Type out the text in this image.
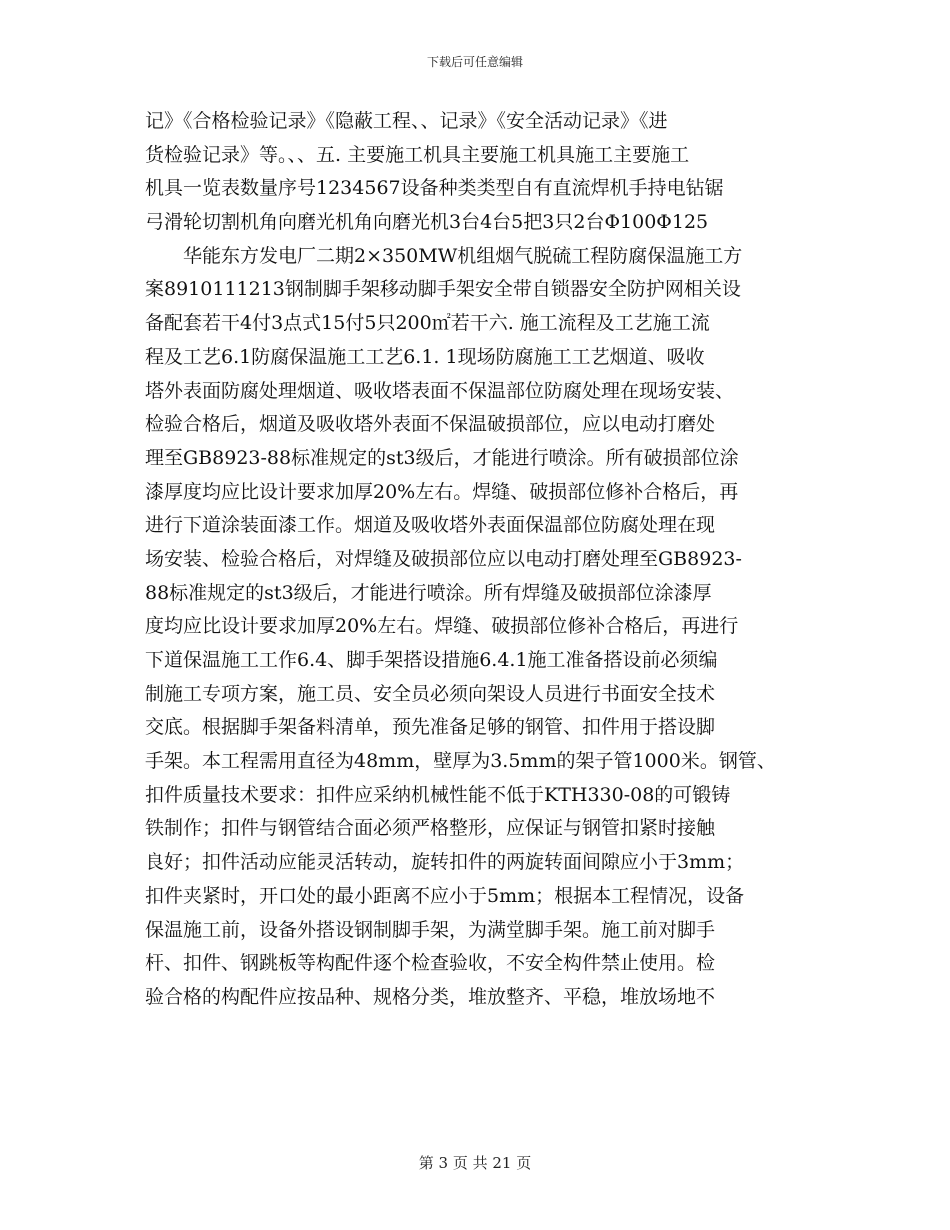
下载后可任意编辑
记》《合格检验记录》《隐蔽工程、、记录》《安全活动记录》《进
货检验记录》等。、、五. 主要施工机具主要施工机具施工主要施工
机具一览表数量序号1234567设备种类类型自有直流焊机手持电钻锯
弓滑轮切割机角向磨光机角向磨光机3台4台5把3只2台Φ100Φ125
　　华能东方发电厂二期2×350MW机组烟气脱硫工程防腐保温施工方
案8910111213钢制脚手架移动脚手架安全带自锁器安全防护网相关设
备配套若干4付3点式15付5只200㎡若干六. 施工流程及工艺施工流
程及工艺6.1防腐保温施工工艺6.1. 1现场防腐施工工艺烟道、吸收
塔外表面防腐处理烟道、吸收塔表面不保温部位防腐处理在现场安装、
检验合格后，烟道及吸收塔外表面不保温破损部位，应以电动打磨处
理至GB8923-88标准规定的st3级后，才能进行喷涂。所有破损部位涂
漆厚度均应比设计要求加厚20%左右。焊缝、破损部位修补合格后，再
进行下道涂装面漆工作。烟道及吸收塔外表面保温部位防腐处理在现
场安装、检验合格后，对焊缝及破损部位应以电动打磨处理至GB8923-
88标准规定的st3级后，才能进行喷涂。所有焊缝及破损部位涂漆厚
度均应比设计要求加厚20%左右。焊缝、破损部位修补合格后，再进行
下道保温施工工作6.4、脚手架搭设措施6.4.1施工准备搭设前必须编
制施工专项方案，施工员、安全员必须向架设人员进行书面安全技术
交底。根据脚手架备料清单，预先准备足够的钢管、扣件用于搭设脚
手架。本工程需用直径为48mm，壁厚为3.5mm的架子管1000米。钢管、
扣件质量技术要求：扣件应采纳机械性能不低于KTH330-08的可锻铸
铁制作；扣件与钢管结合面必须严格整形，应保证与钢管扣紧时接触
良好；扣件活动应能灵活转动，旋转扣件的两旋转面间隙应小于3mm；
扣件夹紧时，开口处的最小距离不应小于5mm；根据本工程情况，设备
保温施工前，设备外搭设钢制脚手架，为满堂脚手架。施工前对脚手
杆、扣件、钢跳板等构配件逐个检查验收，不安全构件禁止使用。检
验合格的构配件应按品种、规格分类，堆放整齐、平稳，堆放场地不
第 3 页 共 21 页
